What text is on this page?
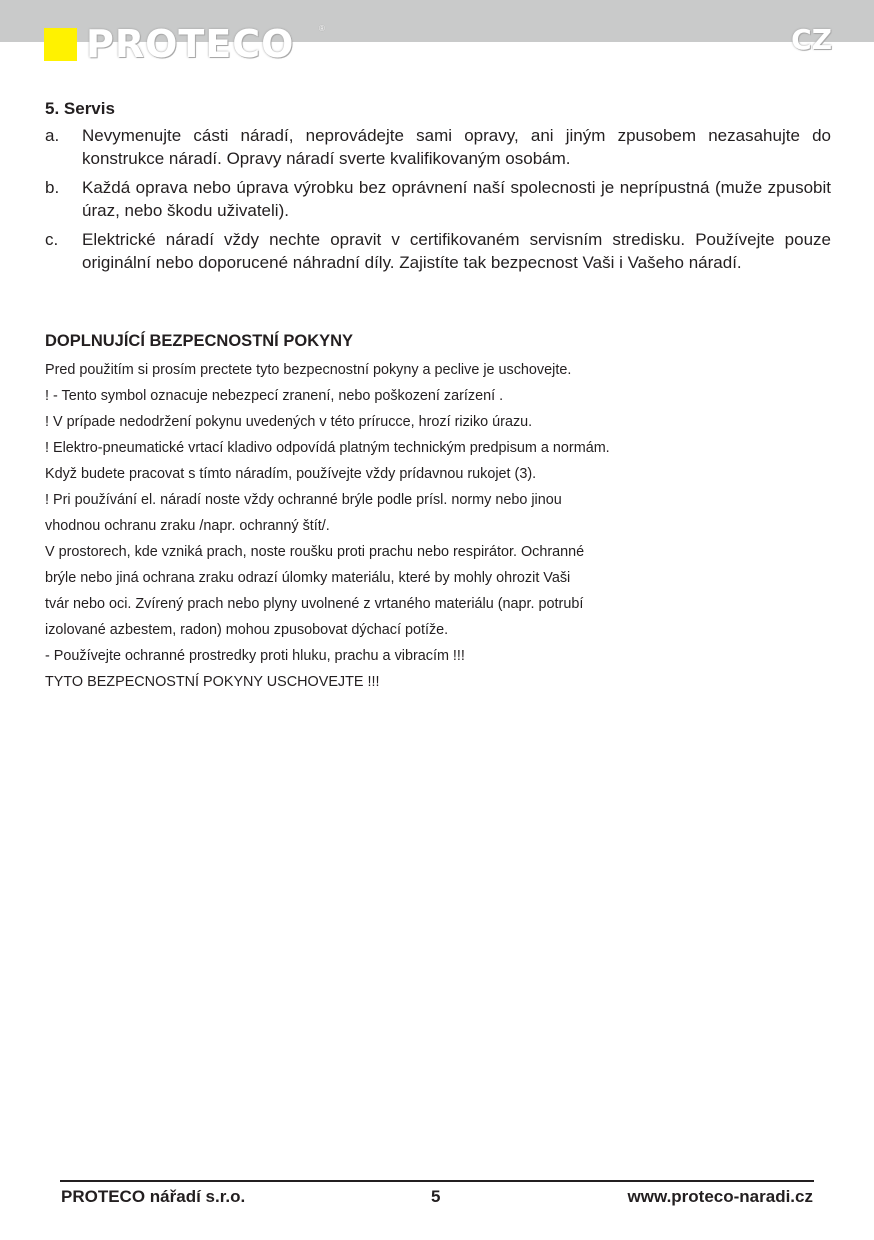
PROTECO	®	CZ
5. Servis
a. Nevymenujte cásti náradí, neprovádejte sami opravy, ani jiným zpusobem nezasahujte do konstrukce náradí. Opravy náradí sverte kvalifikovaným osobám.
b. Každá oprava nebo úprava výrobku bez oprávnení naší spolecnosti je neprípustná (muže zpusobit úraz, nebo škodu uživateli).
c. Elektrické náradí vždy nechte opravit v certifikovaném servisním stredisku. Používejte pouze originální nebo doporucené náhradní díly. Zajistíte tak bezpecnost Vaši i Vašeho náradí.
DOPLNUJÍCÍ BEZPECNOSTNÍ POKYNY
Pred použitím si prosím prectete tyto bezpecnostní pokyny a peclive je uschovejte.
! - Tento symbol oznacuje nebezpecí zranení, nebo poškození zarízení .
! V prípade nedodržení pokynu uvedených v této prírucce, hrozí riziko úrazu.
! Elektro-pneumatické vrtací kladivo odpovídá platným technickým predpisum a normám.
Když budete pracovat s tímto náradím, používejte vždy prídavnou rukojet (3).
! Pri používání el. náradí noste vždy ochranné brýle podle prísl. normy nebo jinou
vhodnou ochranu zraku /napr. ochranný štít/.
V prostorech, kde vzniká prach, noste roušku proti prachu nebo respirátor. Ochranné
brýle nebo jiná ochrana zraku odrazí úlomky materiálu, které by mohly ohrozit Vaši
tvár nebo oci. Zvírený prach nebo plyny uvolnené z vrtaného materiálu (napr. potrubí
izolované azbestem, radon) mohou zpusobovat dýchací potíže.
- Používejte ochranné prostredky proti hluku, prachu a vibracím !!!
TYTO BEZPECNOSTNÍ POKYNY USCHOVEJTE !!!
PROTECO nářadí s.r.o.	5	www.proteco-naradi.cz
